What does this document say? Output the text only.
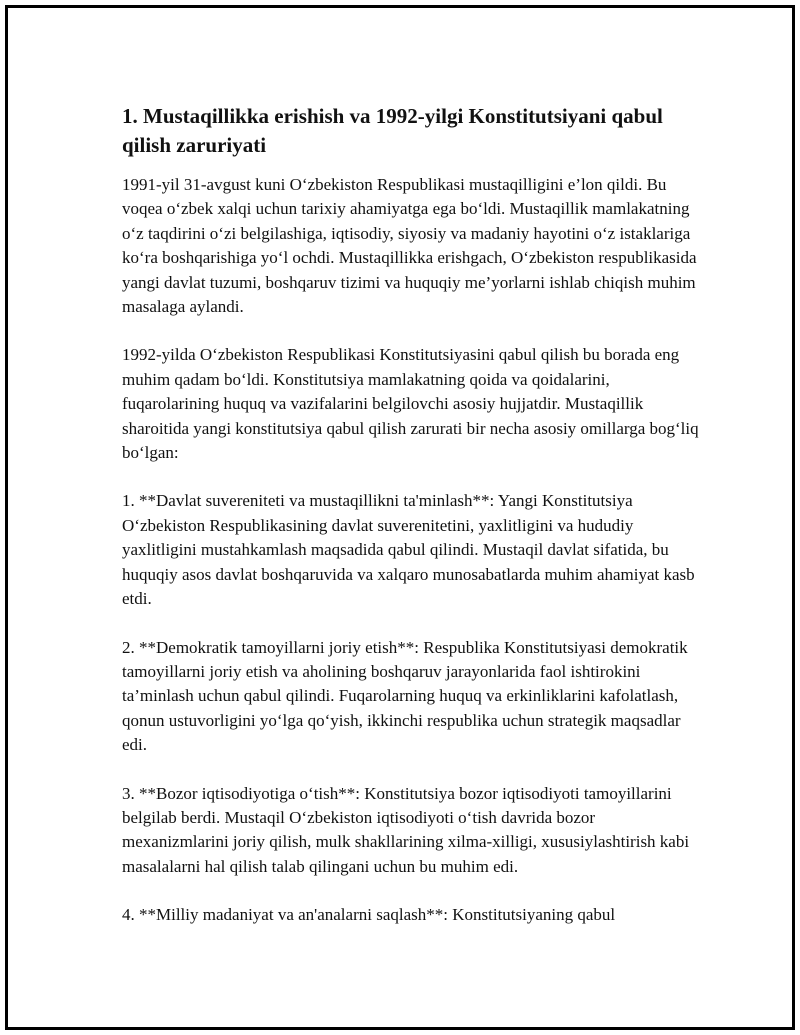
1. Mustaqillikka erishish va 1992-yilgi Konstitutsiyani qabul qilish zaruriyati

1991-yil 31-avgust kuni O‘zbekiston Respublikasi mustaqilligini e’lon qildi. Bu voqea o‘zbek xalqi uchun tarixiy ahamiyatga ega bo‘ldi. Mustaqillik mamlakatning o‘z taqdirini o‘zi belgilashiga, iqtisodiy, siyosiy va madaniy hayotini o‘z istaklariga ko‘ra boshqarishiga yo‘l ochdi. Mustaqillikka erishgach, O‘zbekiston respublikasida yangi davlat tuzumi, boshqaruv tizimi va huquqiy me’yorlarni ishlab chiqish muhim masalaga aylandi.

1992-yilda O‘zbekiston Respublikasi Konstitutsiyasini qabul qilish bu borada eng muhim qadam bo‘ldi. Konstitutsiya mamlakatning qoida va qoidalarini, fuqarolarining huquq va vazifalarini belgilovchi asosiy hujjatdir. Mustaqillik sharoitida yangi konstitutsiya qabul qilish zarurati bir necha asosiy omillarga bog‘liq bo‘lgan:

1. **Davlat suvereniteti va mustaqillikni ta'minlash**: Yangi Konstitutsiya O‘zbekiston Respublikasining davlat suverenitetini, yaxlitligini va hududiy yaxlitligini mustahkamlash maqsadida qabul qilindi. Mustaqil davlat sifatida, bu huquqiy asos davlat boshqaruvida va xalqaro munosabatlarda muhim ahamiyat kasb etdi.

2. **Demokratik tamoyillarni joriy etish**: Respublika Konstitutsiyasi demokratik tamoyillarni joriy etish va aholining boshqaruv jarayonlarida faol ishtirokini ta’minlash uchun qabul qilindi. Fuqarolarning huquq va erkinliklarini kafolatlash, qonun ustuvorligini yo‘lga qo‘yish, ikkinchi respublika uchun strategik maqsadlar edi.

3. **Bozor iqtisodiyotiga o‘tish**: Konstitutsiya bozor iqtisodiyoti tamoyillarini belgilab berdi. Mustaqil O‘zbekiston iqtisodiyoti o‘tish davrida bozor mexanizmlarini joriy qilish, mulk shakllarining xilma-xilligi, xususiylashtirish kabi masalalarni hal qilish talab qilingani uchun bu muhim edi.

4. **Milliy madaniyat va an'analarni saqlash**: Konstitutsiyaning qabul
